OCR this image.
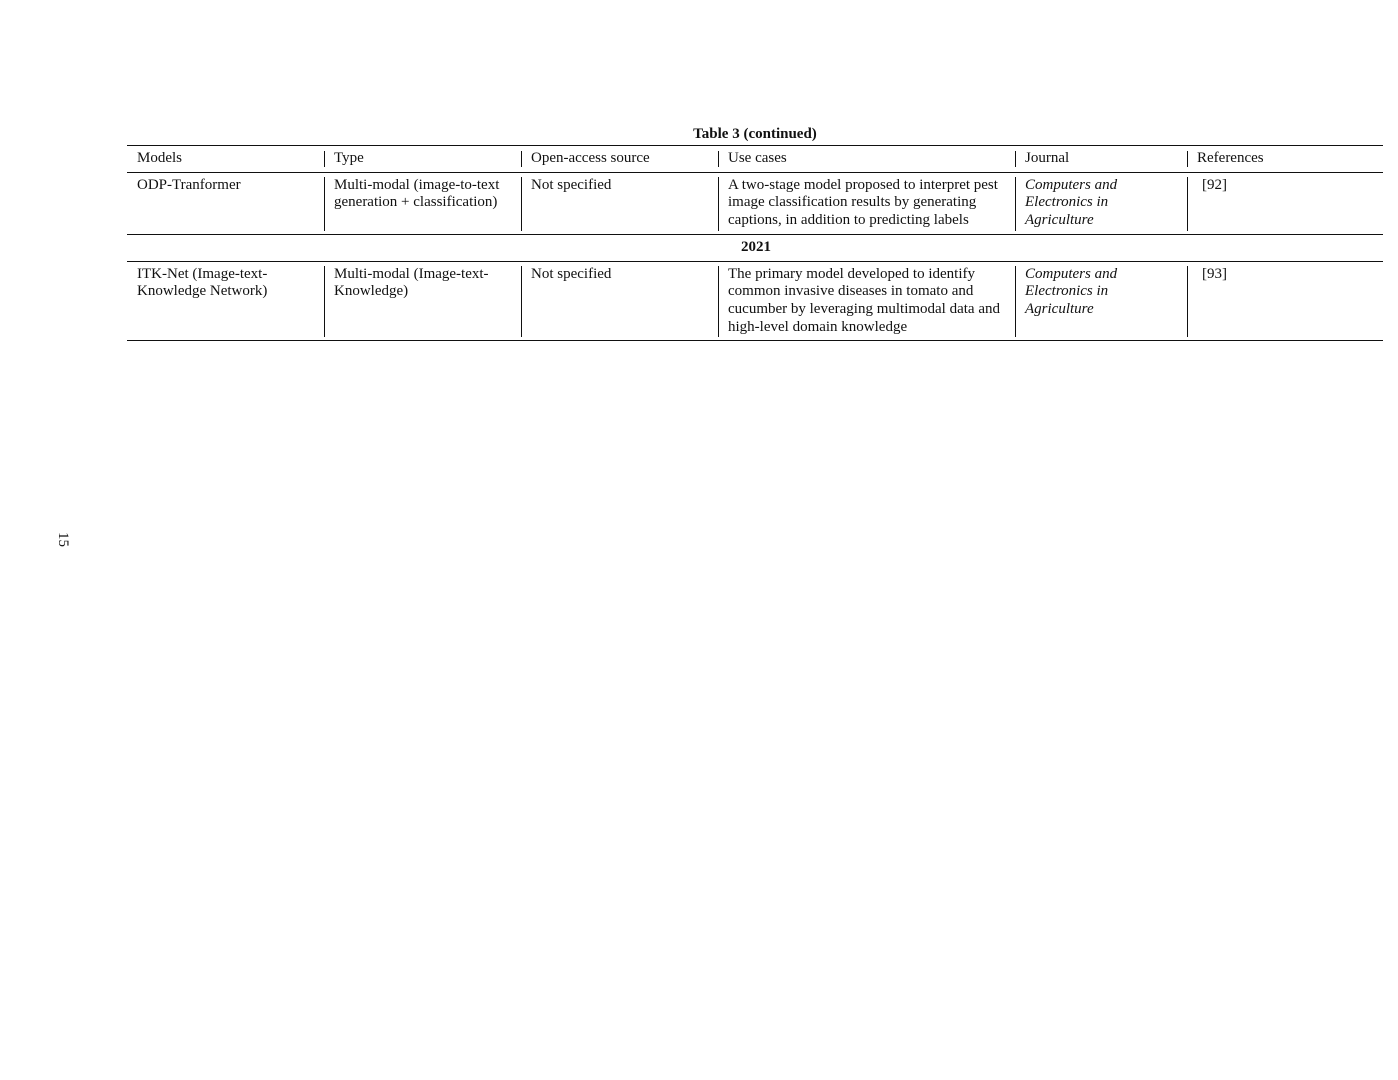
Table 3 (continued)
Models	Type	Open-access source	Use cases	Journal	References
ODP-Tranformer	Multi-modal (image-to-text generation + classification)	Not specified	A two-stage model proposed to interpret pest image classification results by generating captions, in addition to predicting labels	Computers and Electronics in Agriculture	[92]
2021					
ITK-Net (Image-text-Knowledge Network)	Multi-modal (Image-text-Knowledge)	Not specified	The primary model developed to identify common invasive diseases in tomato and cucumber by leveraging multimodal data and high-level domain knowledge	Computers and Electronics in Agriculture	[93]
15
